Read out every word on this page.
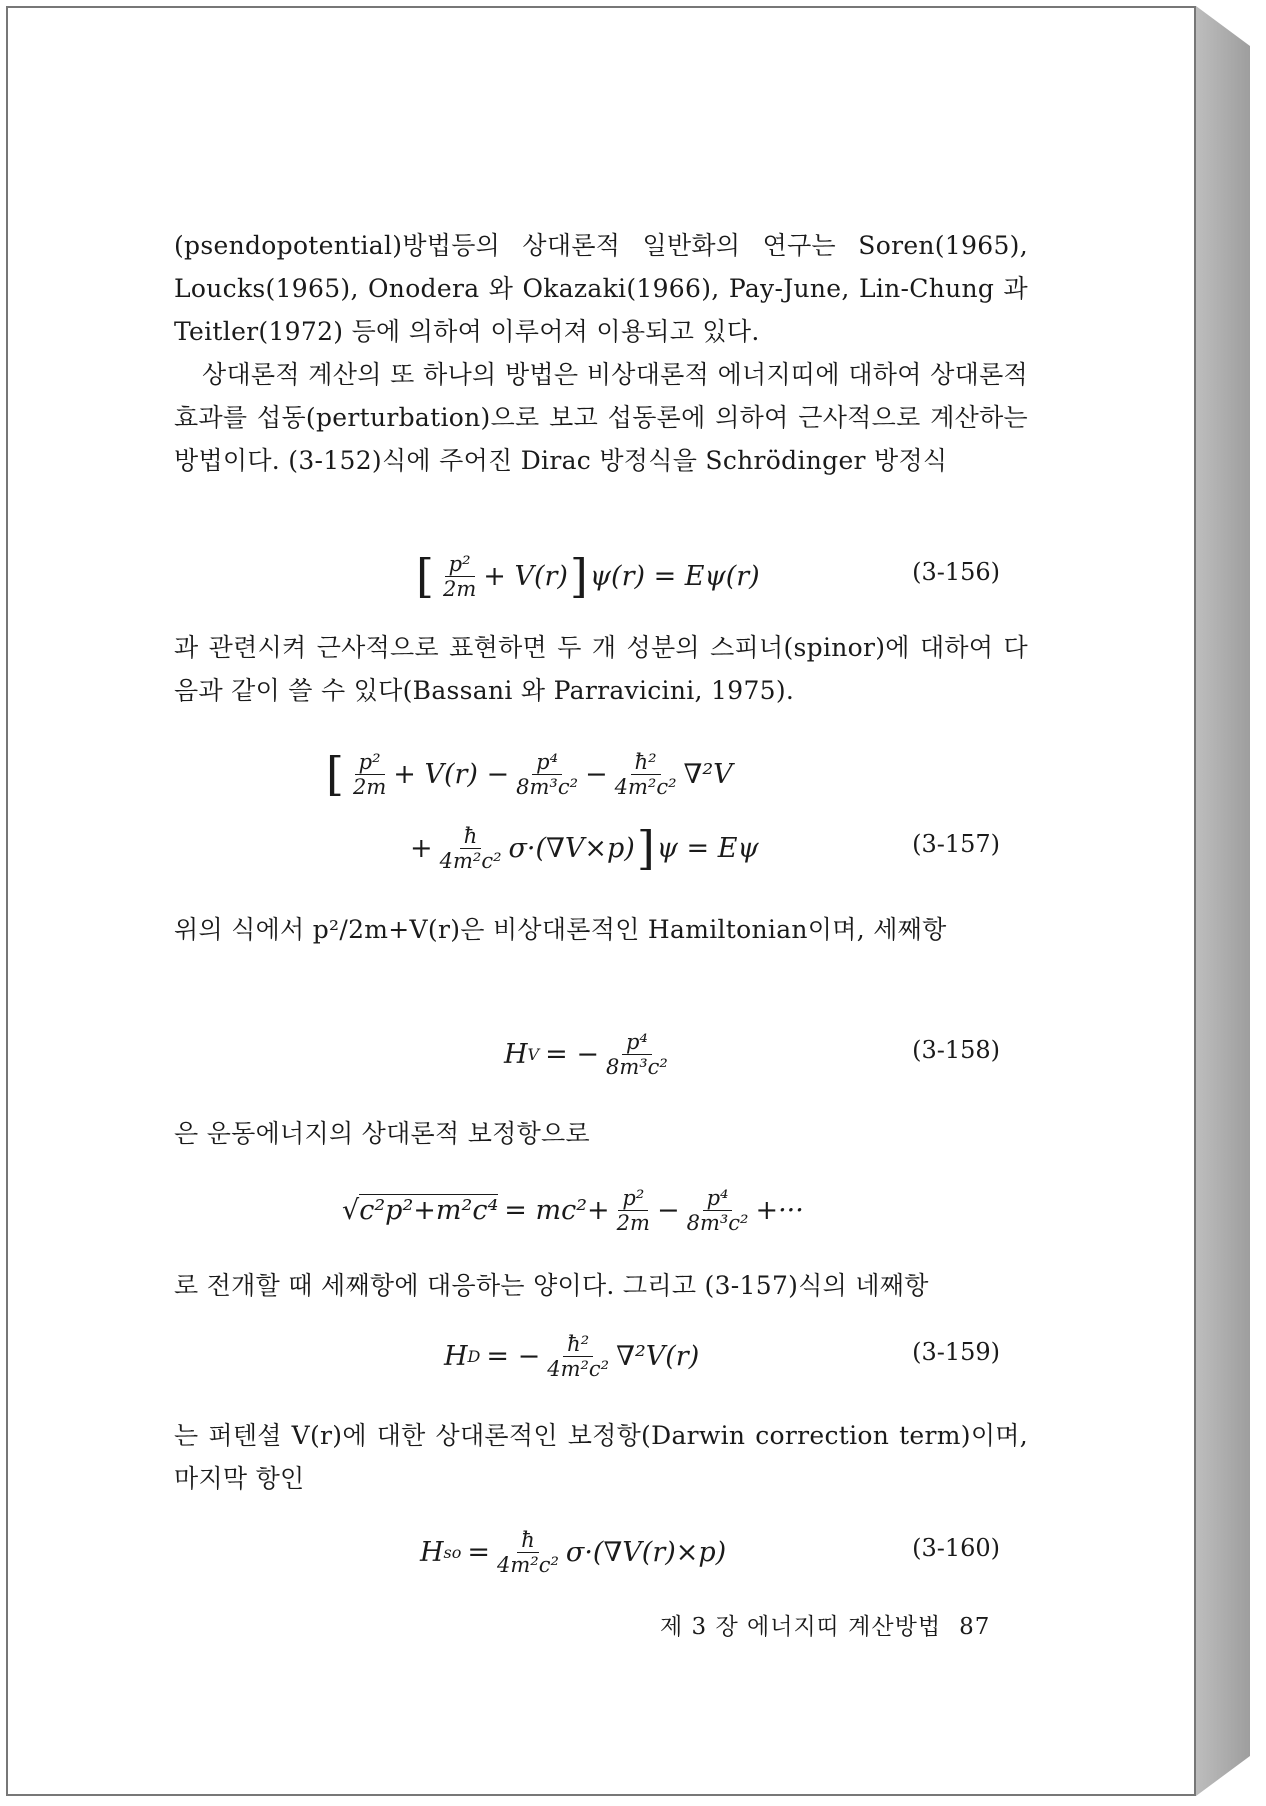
(psendopotential)방법등의 상대론적 일반화의 연구는 Soren(1965), Loucks(1965), Onodera 와 Okazaki(1966), Pay-June, Lin-Chung 과 Teitler(1972) 등에 의하여 이루어져 이용되고 있다.

상대론적 계산의 또 하나의 방법은 비상대론적 에너지띠에 대하여 상대론적 효과를 섭동(perturbation)으로 보고 섭동론에 의하여 근사적으로 계산하는 방법이다. (3-152)식에 주어진 Dirac 방정식을 Schrödinger 방정식

[ $\frac{\text{p²}}{2m} + V(r)$ ] ψ(r) = Eψ(r)	(3-156)

과 관련시켜 근사적으로 표현하면 두 개 성분의 스피너(spinor)에 대하여 다음과 같이 쓸 수 있다(Bassani 와 Parravicini, 1975).

[ $\frac{\text{p²}}{2m} + V(r) - \frac{\text{p⁴}}{\text{8m³c²}} - \frac{\text{ħ²}}{\text{4m²c²}} \nabla^2V$
+ $\frac{ħ}{\text{4m²c²}} \sigma\cdot(\nabla V\times p)$ ] ψ = Eψ	(3-157)

위의 식에서 p²/2m+V(r)은 비상대론적인 Hamiltonian이며, 세째항

H V = − $\frac{\text{p⁴}}{\text{8m³c²}}$	(3-158)

은 운동에너지의 상대론적 보정항으로

√ $c^2p^2+m^2c^4 = mc^2+ \frac{\text{p²}}{2m} - \frac{\text{p⁴}}{\text{8m³c²}}$ +···

로 전개할 때 세째항에 대응하는 양이다. 그리고 (3-157)식의 네째항

H D = − $\frac{\text{ħ²}}{\text{4m²c²}} \nabla^2V(r)$	(3-159)

는 퍼텐셜 V(r)에 대한 상대론적인 보정항(Darwin correction term)이며, 마지막 항인

H so = $\frac{ħ}{\text{4m²c²}} \sigma\cdot(\nabla V(r)\times p)$	(3-160)
제 3 장 에너지띠 계산방법 87
